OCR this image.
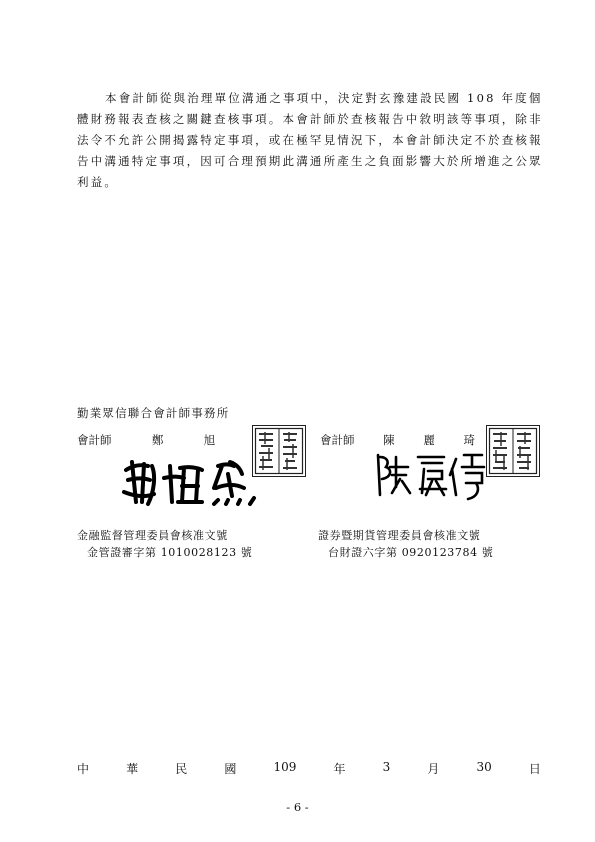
本會計師從與治理單位溝通之事項中，決定對玄豫建設民國 108 年度個體財務報表查核之關鍵查核事項。本會計師於查核報告中敘明該等事項，除非法令不允許公開揭露特定事項，或在極罕見情況下，本會計師決定不於查核報告中溝通特定事項，因可合理預期此溝通所產生之負面影響大於所增進之公眾利益。

勤業眾信聯合會計師事務所
會計師	鄭	旭	會計師 陳 麗 琦
金融監督管理委員會核准文號
金管證審字第 1010028123 號
證券暨期貨管理委員會核准文號
台財證六字第 0920123784 號
中	華	民	國	109	年	3	月	30	日
- 6 -
